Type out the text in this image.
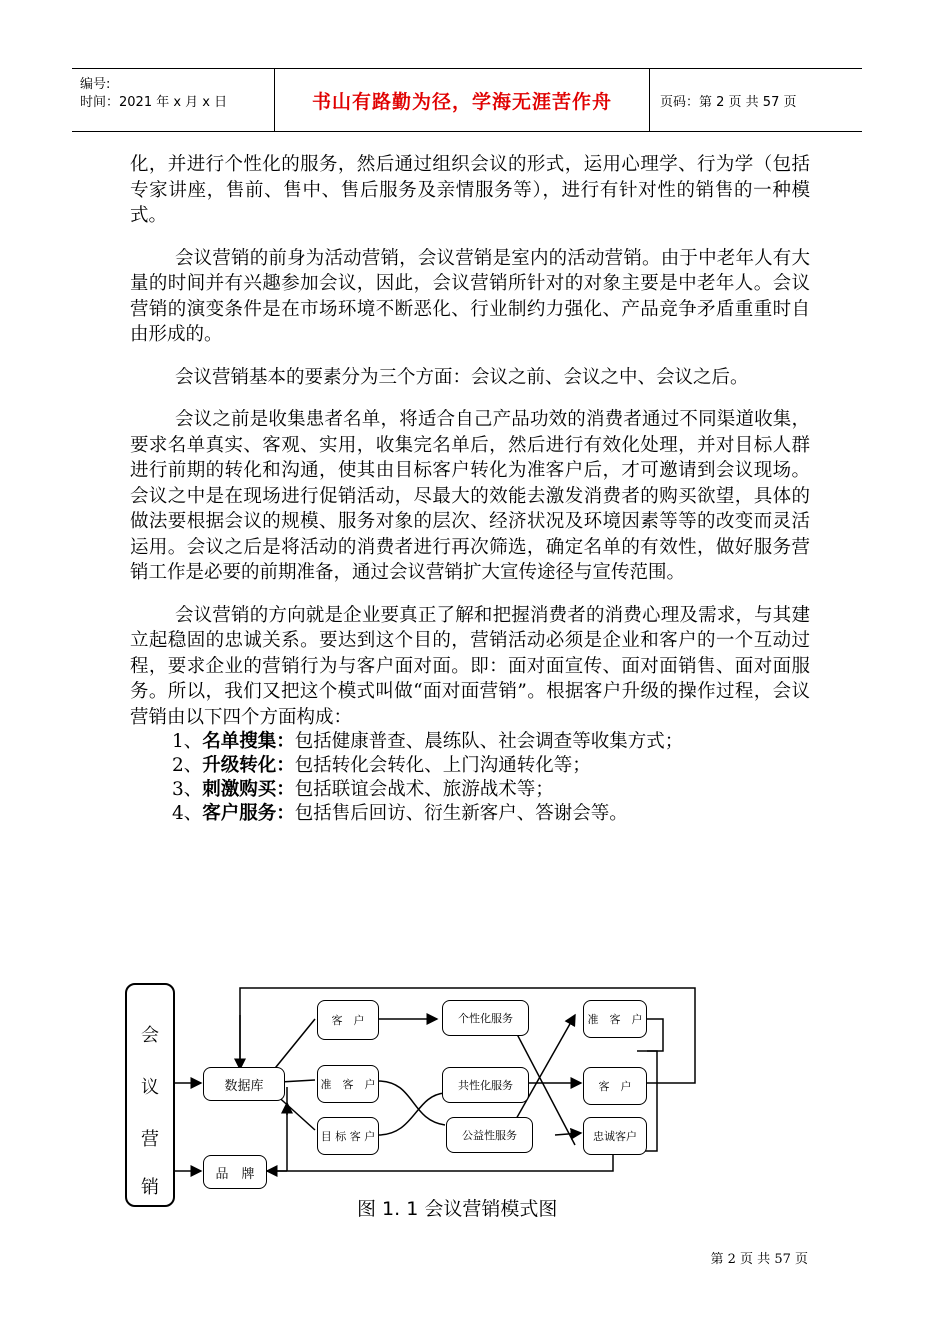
编号:
时间：2021 年 x 月 x 日	书山有路勤为径，学海无涯苦作舟	页码：第 2 页 共 57 页

化，并进行个性化的服务，然后通过组织会议的形式，运用心理学、行为学（包括专家讲座，售前、售中、售后服务及亲情服务等），进行有针对性的销售的一种模式。

会议营销的前身为活动营销，会议营销是室内的活动营销。由于中老年人有大量的时间并有兴趣参加会议，因此，会议营销所针对的对象主要是中老年人。会议营销的演变条件是在市场环境不断恶化、行业制约力强化、产品竞争矛盾重重时自由形成的。

会议营销基本的要素分为三个方面：会议之前、会议之中、会议之后。

会议之前是收集患者名单，将适合自己产品功效的消费者通过不同渠道收集，要求名单真实、客观、实用，收集完名单后，然后进行有效化处理，并对目标人群进行前期的转化和沟通，使其由目标客户转化为准客户后，才可邀请到会议现场。会议之中是在现场进行促销活动，尽最大的效能去激发消费者的购买欲望，具体的做法要根据会议的规模、服务对象的层次、经济状况及环境因素等等的改变而灵活运用。会议之后是将活动的消费者进行再次筛选，确定名单的有效性，做好服务营销工作是必要的前期准备，通过会议营销扩大宣传途径与宣传范围。

会议营销的方向就是企业要真正了解和把握消费者的消费心理及需求，与其建立起稳固的忠诚关系。要达到这个目的，营销活动必须是企业和客户的一个互动过程，要求企业的营销行为与客户面对面。即：面对面宣传、面对面销售、面对面服务。所以，我们又把这个模式叫做“面对面营销”。根据客户升级的操作过程，会议营销由以下四个方面构成：

1、名单搜集：包括健康普查、晨练队、社会调查等收集方式；
2、升级转化：包括转化会转化、上门沟通转化等；
3、刺激购买：包括联谊会战术、旅游战术等；
4、客户服务：包括售后回访、衍生新客户、答谢会等。
会
议
营
销
数据库
品　牌
客　户
准　客　户
目 标 客 户
个性化服务
共性化服务
公益性服务
准　客　户
客　户
忠诚客户
图 1. 1 会议营销模式图
第 2 页 共 57 页
